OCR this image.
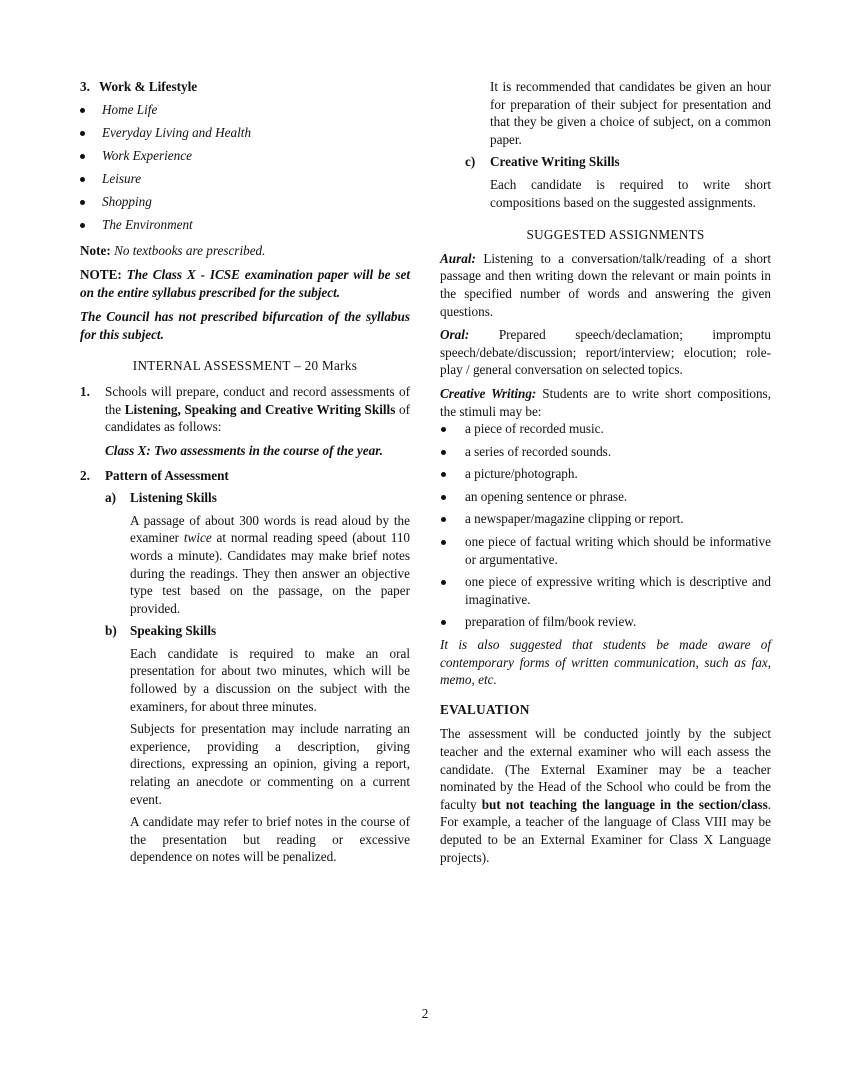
3. Work & Lifestyle
Home Life
Everyday Living and Health
Work Experience
Leisure
Shopping
The Environment

Note: No textbooks are prescribed.

NOTE: The Class X - ICSE examination paper will be set on the entire syllabus prescribed for the subject.

The Council has not prescribed bifurcation of the syllabus for this subject.

INTERNAL ASSESSMENT – 20 Marks

1.	Schools will prepare, conduct and record assessments of the Listening, Speaking and Creative Writing Skills of candidates as follows:

Class X: Two assessments in the course of the year.

2.	Pattern of Assessment
a)	Listening Skills

A passage of about 300 words is read aloud by the examiner twice at normal reading speed (about 110 words a minute). Candidates may make brief notes during the readings. They then answer an objective type test based on the passage, on the paper provided.

b)	Speaking Skills

Each candidate is required to make an oral presentation for about two minutes, which will be followed by a discussion on the subject with the examiners, for about three minutes.

Subjects for presentation may include narrating an experience, providing a description, giving directions, expressing an opinion, giving a report, relating an anecdote or commenting on a current event.

A candidate may refer to brief notes in the course of the presentation but reading or excessive dependence on notes will be penalized.

It is recommended that candidates be given an hour for preparation of their subject for presentation and that they be given a choice of subject, on a common paper.

c)	Creative Writing Skills

Each candidate is required to write short compositions based on the suggested assignments.

SUGGESTED ASSIGNMENTS

Aural: Listening to a conversation/talk/reading of a short passage and then writing down the relevant or main points in the specified number of words and answering the given questions.

Oral: Prepared speech/declamation; impromptu speech/debate/discussion; report/interview; elocution; role-play / general conversation on selected topics.

Creative Writing: Students are to write short compositions, the stimuli may be:

a piece of recorded music.
a series of recorded sounds.
a picture/photograph.
an opening sentence or phrase.
a newspaper/magazine clipping or report.
one piece of factual writing which should be informative or argumentative.
one piece of expressive writing which is descriptive and imaginative.
preparation of film/book review.

It is also suggested that students be made aware of contemporary forms of written communication, such as fax, memo, etc.

EVALUATION

The assessment will be conducted jointly by the subject teacher and the external examiner who will each assess the candidate. (The External Examiner may be a teacher nominated by the Head of the School who could be from the faculty but not teaching the language in the section/class. For example, a teacher of the language of Class VIII may be deputed to be an External Examiner for Class X Language projects).

2
